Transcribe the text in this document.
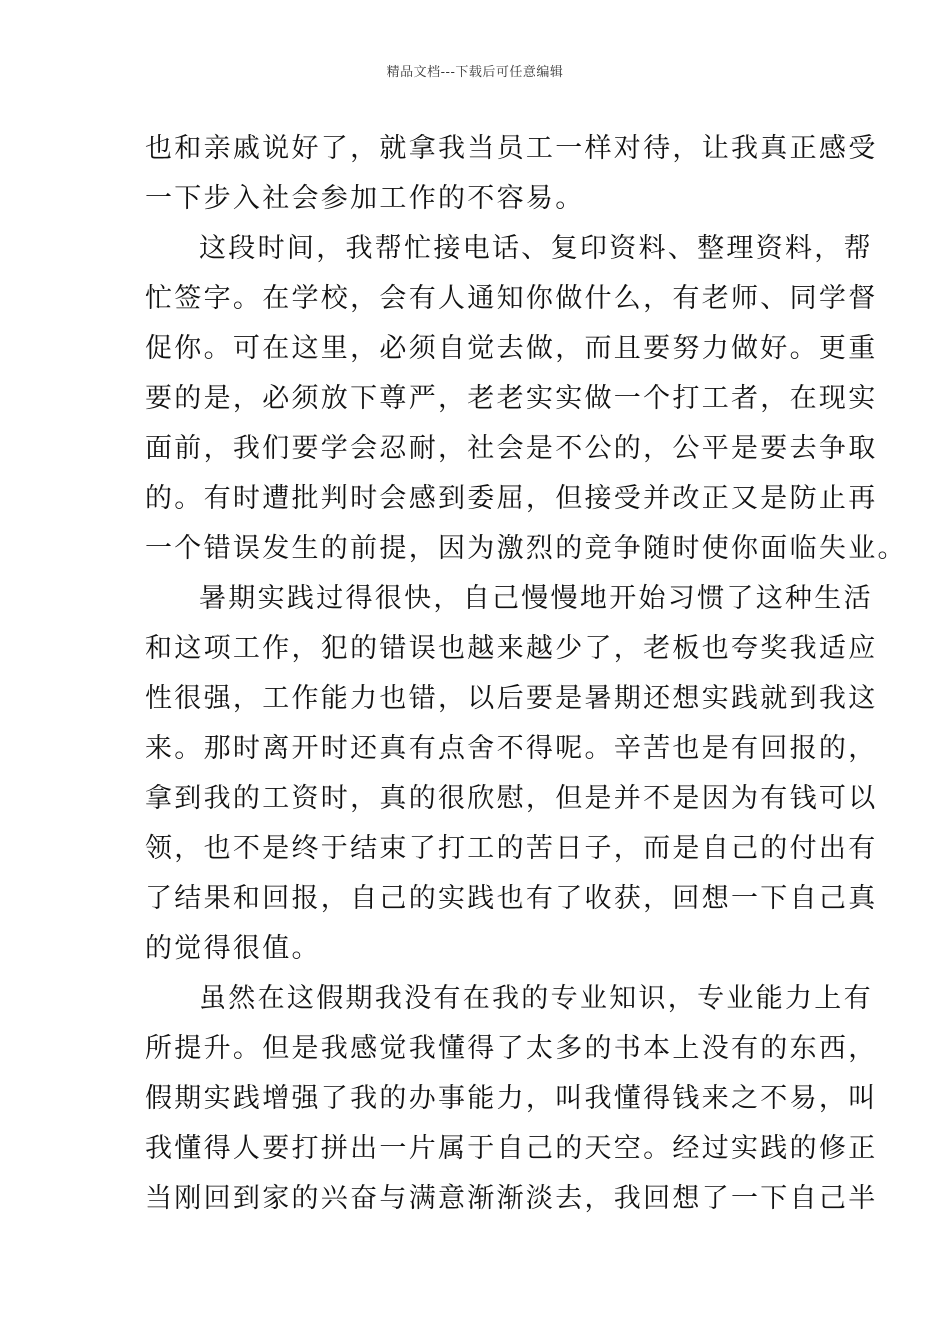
精品文档---下载后可任意编辑
也和亲戚说好了，就拿我当员工一样对待，让我真正感受
一下步入社会参加工作的不容易。
这段时间，我帮忙接电话、复印资料、整理资料，帮
忙签字。在学校，会有人通知你做什么，有老师、同学督
促你。可在这里，必须自觉去做，而且要努力做好。更重
要的是，必须放下尊严，老老实实做一个打工者，在现实
面前，我们要学会忍耐，社会是不公的，公平是要去争取
的。有时遭批判时会感到委屈，但接受并改正又是防止再
一个错误发生的前提，因为激烈的竞争随时使你面临失业。
暑期实践过得很快，自己慢慢地开始习惯了这种生活
和这项工作，犯的错误也越来越少了，老板也夸奖我适应
性很强，工作能力也错，以后要是暑期还想实践就到我这
来。那时离开时还真有点舍不得呢。辛苦也是有回报的，
拿到我的工资时，真的很欣慰，但是并不是因为有钱可以
领，也不是终于结束了打工的苦日子，而是自己的付出有
了结果和回报，自己的实践也有了收获，回想一下自己真
的觉得很值。
虽然在这假期我没有在我的专业知识，专业能力上有
所提升。但是我感觉我懂得了太多的书本上没有的东西，
假期实践增强了我的办事能力，叫我懂得钱来之不易，叫
我懂得人要打拼出一片属于自己的天空。经过实践的修正
当刚回到家的兴奋与满意渐渐淡去，我回想了一下自己半
